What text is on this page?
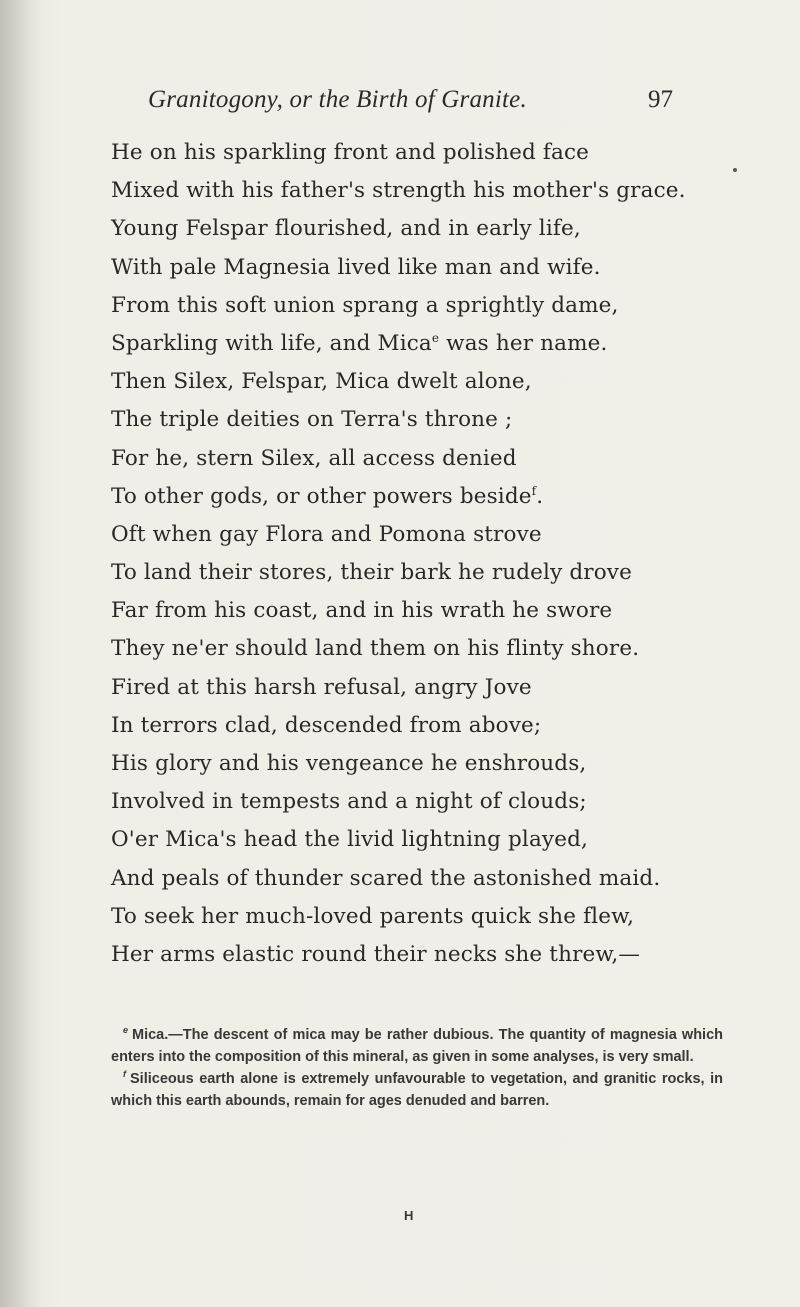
Granitogony, or the Birth of Granite.	97
He on his sparkling front and polished face
Mixed with his father's strength his mother's grace.
Young Felspar flourished, and in early life,
With pale Magnesia lived like man and wife.
From this soft union sprang a sprightly dame,
Sparkling with life, and Mica$^e$ was her name.
Then Silex, Felspar, Mica dwelt alone,
The triple deities on Terra's throne ;
For he, stern Silex, all access denied
To other gods, or other powers beside$^f$.
Oft when gay Flora and Pomona strove
To land their stores, their bark he rudely drove
Far from his coast, and in his wrath he swore
They ne'er should land them on his flinty shore.
Fired at this harsh refusal, angry Jove
In terrors clad, descended from above;
His glory and his vengeance he enshrouds,
Involved in tempests and a night of clouds;
O'er Mica's head the livid lightning played,
And peals of thunder scared the astonished maid.
To seek her much-loved parents quick she flew,
Her arms elastic round their necks she threw,—

$^e$ Mica.—The descent of mica may be rather dubious. The quantity of magnesia which enters into the composition of this mineral, as given in some analyses, is very small.

$^f$ Siliceous earth alone is extremely unfavourable to vegetation, and granitic rocks, in which this earth abounds, remain for ages denuded and barren.

H
